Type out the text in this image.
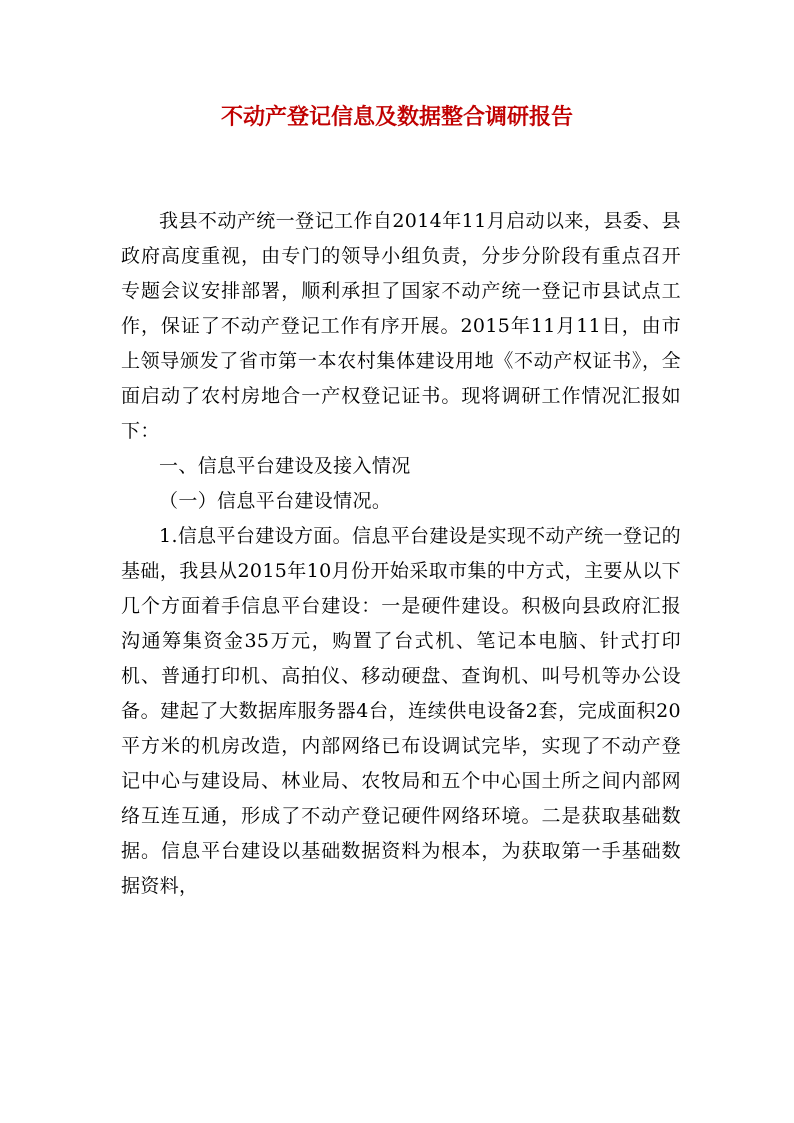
不动产登记信息及数据整合调研报告

我县不动产统一登记工作自2014年11月启动以来，县委、县政府高度重视，由专门的领导小组负责，分步分阶段有重点召开专题会议安排部署，顺利承担了国家不动产统一登记市县试点工作，保证了不动产登记工作有序开展。2015年11月11日，由市上领导颁发了省市第一本农村集体建设用地《不动产权证书》，全面启动了农村房地合一产权登记证书。现将调研工作情况汇报如下：

一、信息平台建设及接入情况

（一）信息平台建设情况。

1.信息平台建设方面。信息平台建设是实现不动产统一登记的基础，我县从2015年10月份开始采取市集的中方式，主要从以下几个方面着手信息平台建设：一是硬件建设。积极向县政府汇报沟通筹集资金35万元，购置了台式机、笔记本电脑、针式打印机、普通打印机、高拍仪、移动硬盘、查询机、叫号机等办公设备。建起了大数据库服务器4台，连续供电设备2套，完成面积20平方米的机房改造，内部网络已布设调试完毕，实现了不动产登记中心与建设局、林业局、农牧局和五个中心国土所之间内部网络互连互通，形成了不动产登记硬件网络环境。二是获取基础数据。信息平台建设以基础数据资料为根本，为获取第一手基础数据资料，
